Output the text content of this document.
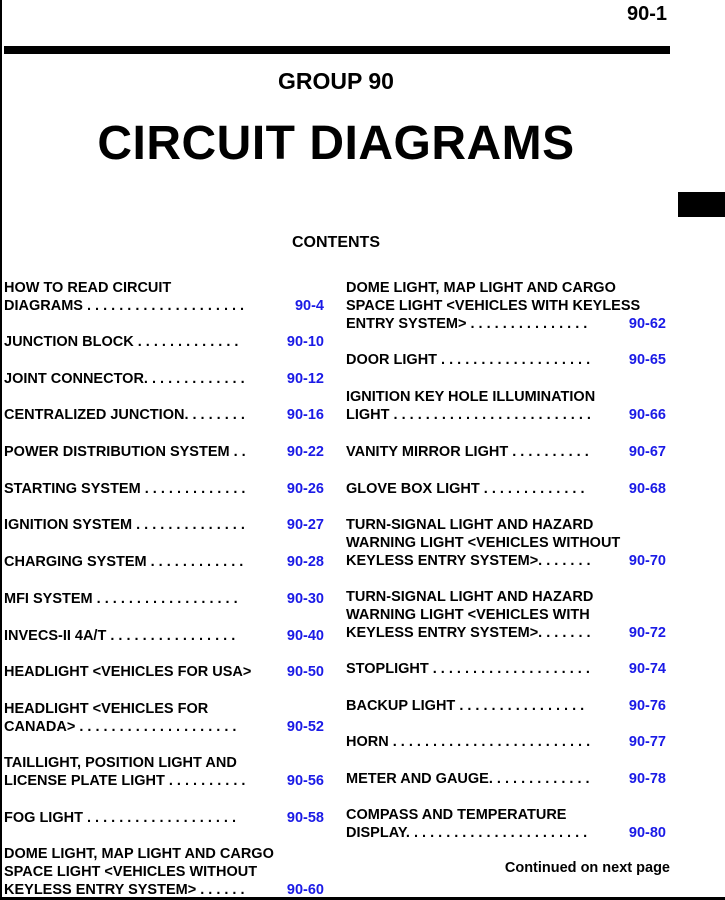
90-1
GROUP 90
CIRCUIT DIAGRAMS
CONTENTS
HOW TO READ CIRCUIT
DIAGRAMS . . . . . . . . . . . . . . . . . . . .	90-4
JUNCTION BLOCK . . . . . . . . . . . . .	90-10
JOINT CONNECTOR. . . . . . . . . . . . .	90-12
CENTRALIZED JUNCTION. . . . . . . .	90-16
POWER DISTRIBUTION SYSTEM . .	90-22
STARTING SYSTEM . . . . . . . . . . . . .	90-26
IGNITION SYSTEM . . . . . . . . . . . . . .	90-27
CHARGING SYSTEM . . . . . . . . . . . .	90-28
MFI SYSTEM . . . . . . . . . . . . . . . . . .	90-30
INVECS-II 4A/T . . . . . . . . . . . . . . . .	90-40
HEADLIGHT <VEHICLES FOR USA>	90-50
HEADLIGHT <VEHICLES FOR
CANADA> . . . . . . . . . . . . . . . . . . . .	90-52
TAILLIGHT, POSITION LIGHT AND
LICENSE PLATE LIGHT . . . . . . . . . .	90-56
FOG LIGHT . . . . . . . . . . . . . . . . . . .	90-58
DOME LIGHT, MAP LIGHT AND CARGO
SPACE LIGHT <VEHICLES WITHOUT
KEYLESS ENTRY SYSTEM> . . . . . .	90-60
DOME LIGHT, MAP LIGHT AND CARGO
SPACE LIGHT <VEHICLES WITH KEYLESS
ENTRY SYSTEM> . . . . . . . . . . . . . . .	90-62
DOOR LIGHT . . . . . . . . . . . . . . . . . . .	90-65
IGNITION KEY HOLE ILLUMINATION
LIGHT . . . . . . . . . . . . . . . . . . . . . . . . .	90-66
VANITY MIRROR LIGHT . . . . . . . . . .	90-67
GLOVE BOX LIGHT . . . . . . . . . . . . .	90-68
TURN-SIGNAL LIGHT AND HAZARD
WARNING LIGHT <VEHICLES WITHOUT
KEYLESS ENTRY SYSTEM>. . . . . . .	90-70
TURN-SIGNAL LIGHT AND HAZARD
WARNING LIGHT <VEHICLES WITH
KEYLESS ENTRY SYSTEM>. . . . . . .	90-72
STOPLIGHT . . . . . . . . . . . . . . . . . . . .	90-74
BACKUP LIGHT . . . . . . . . . . . . . . . .	90-76
HORN . . . . . . . . . . . . . . . . . . . . . . . . .	90-77
METER AND GAUGE. . . . . . . . . . . . .	90-78
COMPASS AND TEMPERATURE
DISPLAY. . . . . . . . . . . . . . . . . . . . . . .	90-80
Continued on next page
